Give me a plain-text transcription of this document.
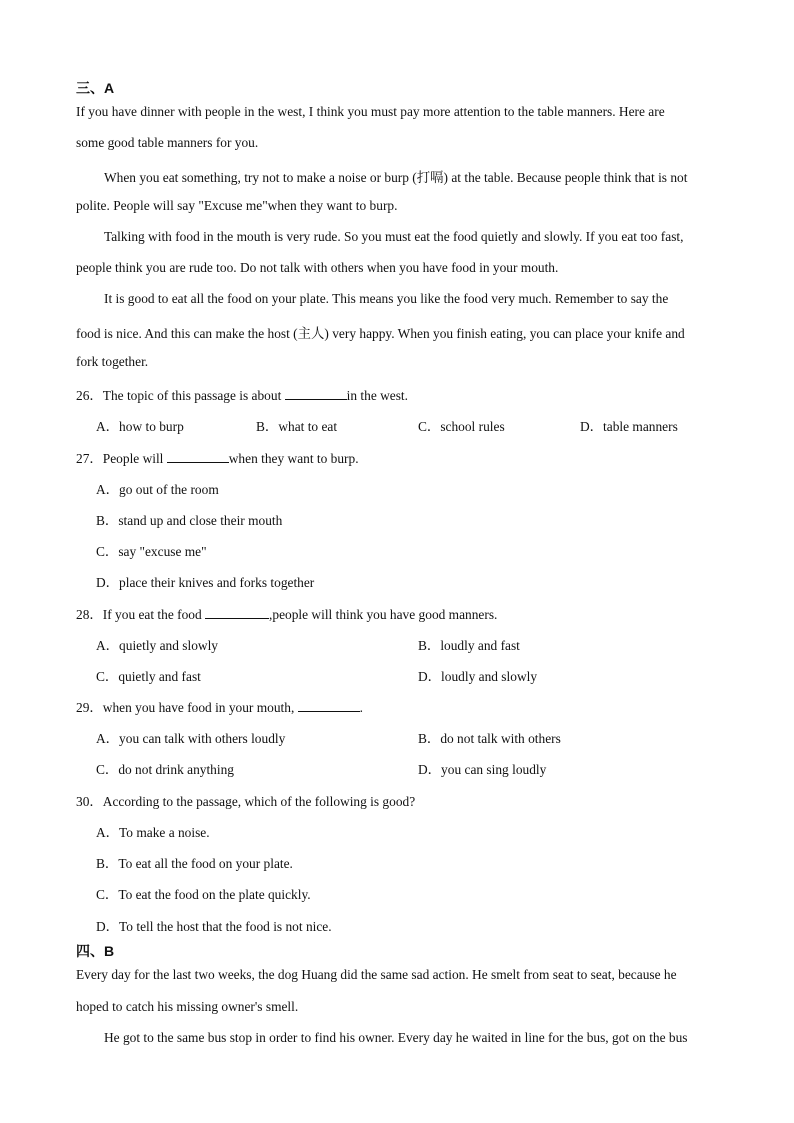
三、A
If you have dinner with people in the west, I think you must pay more attention to the table manners. Here are
some good table manners for you.
When you eat something, try not to make a noise or burp (打嗝) at the table. Because people think that is not
polite. People will say "Excuse me"when they want to burp.
Talking with food in the mouth is very rude. So you must eat the food quietly and slowly. If you eat too fast,
people think you are rude too. Do not talk with others when you have food in your mouth.
It is good to eat all the food on your plate. This means you like the food very much. Remember to say the
food is nice. And this can make the host (主人) very happy. When you finish eating, you can place your knife and
fork together.
26．The topic of this passage is about	in the west.
A．how to burp	B．what to eat	C．school rules	D．table manners
27．People will	when they want to burp.
A．go out of the room
B．stand up and close their mouth
C．say "excuse me"
D．place their knives and forks together
28．If you eat the food	,people will think you have good manners.
A．quietly and slowly	B．loudly and fast
C．quietly and fast	D．loudly and slowly
29．when you have food in your mouth,	.
A．you can talk with others loudly	B．do not talk with others
C．do not drink anything	D．you can sing loudly
30．According to the passage, which of the following is good?
A．To make a noise.
B．To eat all the food on your plate.
C．To eat the food on the plate quickly.
D．To tell the host that the food is not nice.
四、B
Every day for the last two weeks, the dog Huang did the same sad action. He smelt from seat to seat, because he
hoped to catch his missing owner's smell.
He got to the same bus stop in order to find his owner. Every day he waited in line for the bus, got on the bus
